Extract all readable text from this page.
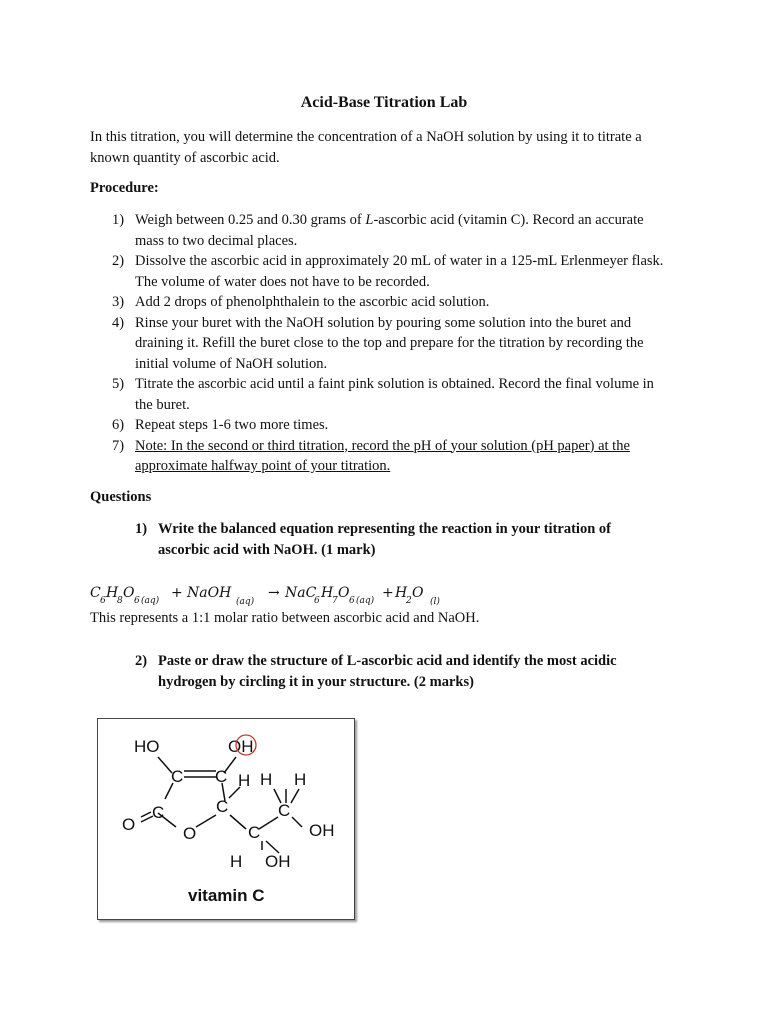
Acid-Base Titration Lab
In this titration, you will determine the concentration of a NaOH solution by using it to titrate a known quantity of ascorbic acid.
Procedure:
1) Weigh between 0.25 and 0.30 grams of L-ascorbic acid (vitamin C). Record an accurate mass to two decimal places.
2) Dissolve the ascorbic acid in approximately 20 mL of water in a 125-mL Erlenmeyer flask. The volume of water does not have to be recorded.
3) Add 2 drops of phenolphthalein to the ascorbic acid solution.
4) Rinse your buret with the NaOH solution by pouring some solution into the buret and draining it. Refill the buret close to the top and prepare for the titration by recording the initial volume of NaOH solution.
5) Titrate the ascorbic acid until a faint pink solution is obtained. Record the final volume in the buret.
6) Repeat steps 1-6 two more times.
7) Note: In the second or third titration, record the pH of your solution (pH paper) at the approximate halfway point of your titration.
Questions
1) Write the balanced equation representing the reaction in your titration of ascorbic acid with NaOH. (1 mark)
C 6 H
8 O 6 (aq) + NaOH
(aq)
→ NaC
6 H
7 O 6 (aq) + H
2 O
(l)
This represents a 1:1 molar ratio between ascorbic acid and NaOH.
2) Paste or draw the structure of L-ascorbic acid and identify the most acidic hydrogen by circling it in your structure. (2 marks)
HO	OH
C C H H H
O
C
O
C
C
C
OH
H OH
vitamin C
